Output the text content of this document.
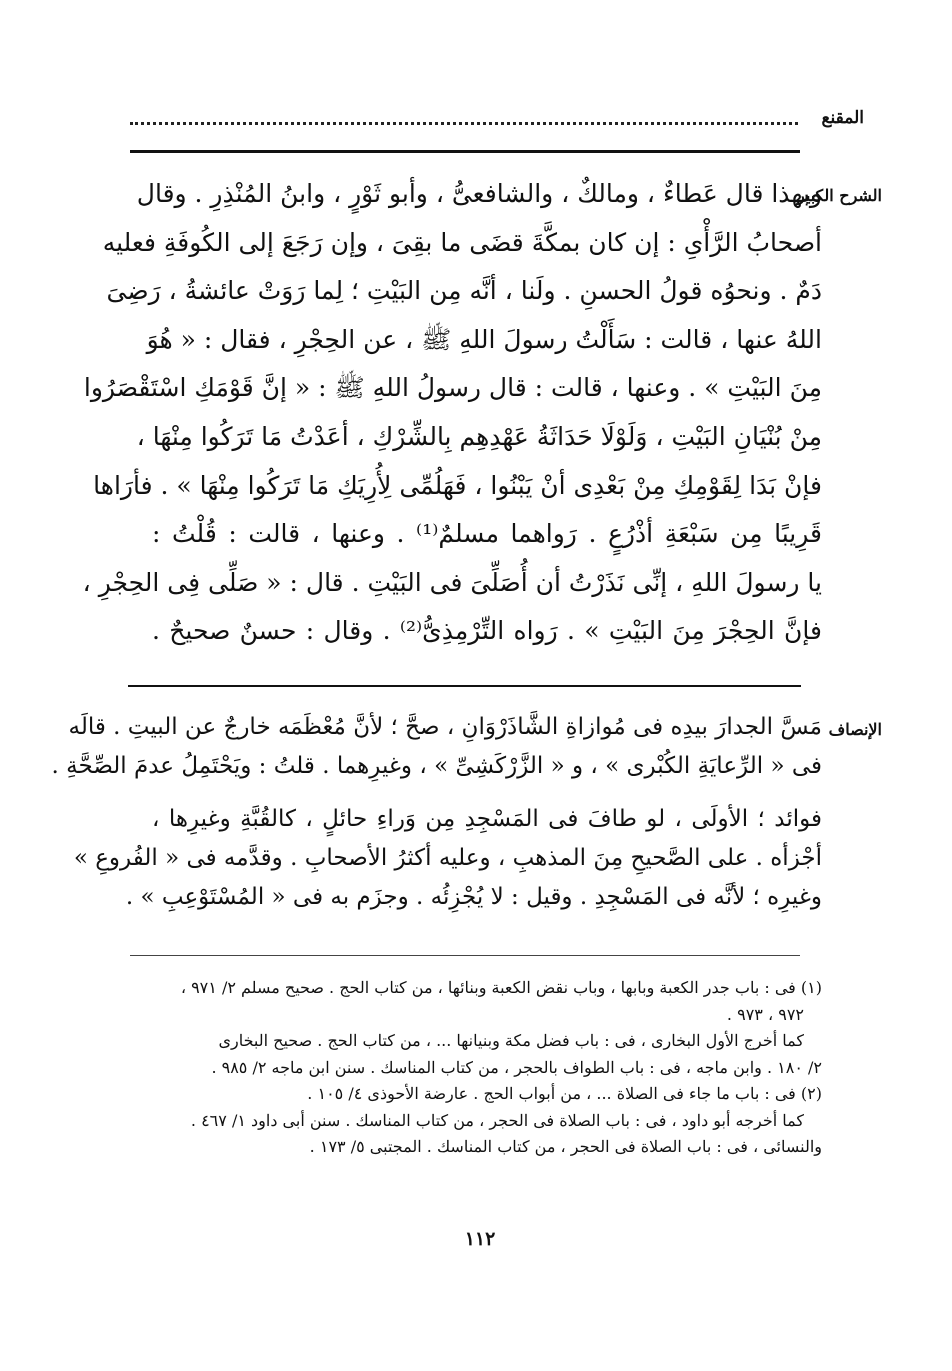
المقنع
الشرح الكبير
وبهذا قال عَطاءٌ ، ومالكٌ ، والشافعىُّ ، وأبو ثَوْرٍ ، وابنُ المُنْذِرِ . وقال
أصحابُ الرَّأْىِ : إن كان بمكَّةَ قضَى ما بقِىَ ، وإن رَجَعَ إلى الكُوفَةِ فعليه
دَمٌ . ونحوُه قولُ الحسنِ . ولَنا ، أنَّه مِن البَيْتِ ؛ لِما رَوَتْ عائشةُ ، رَضِىَ
اللهُ عنها ، قالت : سَأَلْتُ رسولَ اللهِ ﷺ ، عن الحِجْرِ ، فقال : « هُوَ
مِنَ البَيْتِ » . وعنها ، قالت : قال رسولُ اللهِ ﷺ : « إنَّ قَوْمَكِ اسْتَقْصَرُوا
مِنْ بُنْيَانِ البَيْتِ ، وَلَوْلَا حَدَاثَةُ عَهْدِهِم بِالشِّرْكِ ، أعَدْتُ مَا تَرَكُوا مِنْهَا ،
فإنْ بَدَا لِقَوْمِكِ مِنْ بَعْدِى أنْ يَبْنُوا ، فَهَلُمِّى لِأُرِيَكِ مَا تَرَكُوا مِنْهَا » . فأرَاها
قَرِيبًا مِن سَبْعَةِ أذْرُعٍ . رَواهما مسلمٌ⁽¹⁾ . وعنها ، قالت : قُلْتُ :
يا رسولَ اللهِ ، إنِّى نَذَرْتُ أن أُصَلِّىَ فى البَيْتِ . قال : « صَلِّى فِى الحِجْرِ ،
فإنَّ الحِجْرَ مِنَ البَيْتِ » . رَواه التِّرْمِذِىُّ⁽²⁾ . وقال : حسنٌ صحيحٌ .
الإنصاف
مَسَّ الجدارَ بيدِه فى مُوازاةِ الشَّاذَرْوَانِ ، صحَّ ؛ لأنَّ مُعْظَمَه خارجٌ عن البيتِ . قالَه
فى « الرِّعايَةِ الكُبْرى » ، و « الزَّرْكَشِىِّ » ، وغيرِهما . قلتُ : ويَحْتَمِلُ عدمَ الصِّحَّةِ .
فوائد ؛ الأولَى ، لو طافَ فى المَسْجِدِ مِن وَراءِ حائلٍ ، كالقُبَّةِ وغيرِها ،
أجْزأه . على الصَّحيحِ مِنَ المذهبِ ، وعليه أكثرُ الأصحابِ . وقدَّمه فى « الفُروعِ »
وغيرِه ؛ لأنَّه فى المَسْجِدِ . وقيل : لا يُجْزِئُه . وجزَم به فى « المُسْتَوْعِبِ » .
(١) فى : باب جدر الكعبة وبابها ، وباب نقض الكعبة وبنائها ، من كتاب الحج . صحيح مسلم ٢/ ٩٧١ ،
٩٧٢ ، ٩٧٣ .
كما أخرج الأول البخارى ، فى : باب فضل مكة وبنيانها ... ، من كتاب الحج . صحيح البخارى
٢/ ١٨٠ . وابن ماجه ، فى : باب الطواف بالحجر ، من كتاب المناسك . سنن ابن ماجه ٢/ ٩٨٥ .
(٢) فى : باب ما جاء فى الصلاة ... ، من أبواب الحج . عارضة الأحوذى ٤/ ١٠٥ .
كما أخرجه أبو داود ، فى : باب الصلاة فى الحجر ، من كتاب المناسك . سنن أبى داود ١/ ٤٦٧ .
والنسائى ، فى : باب الصلاة فى الحجر ، من كتاب المناسك . المجتبى ٥/ ١٧٣ .
١١٢
